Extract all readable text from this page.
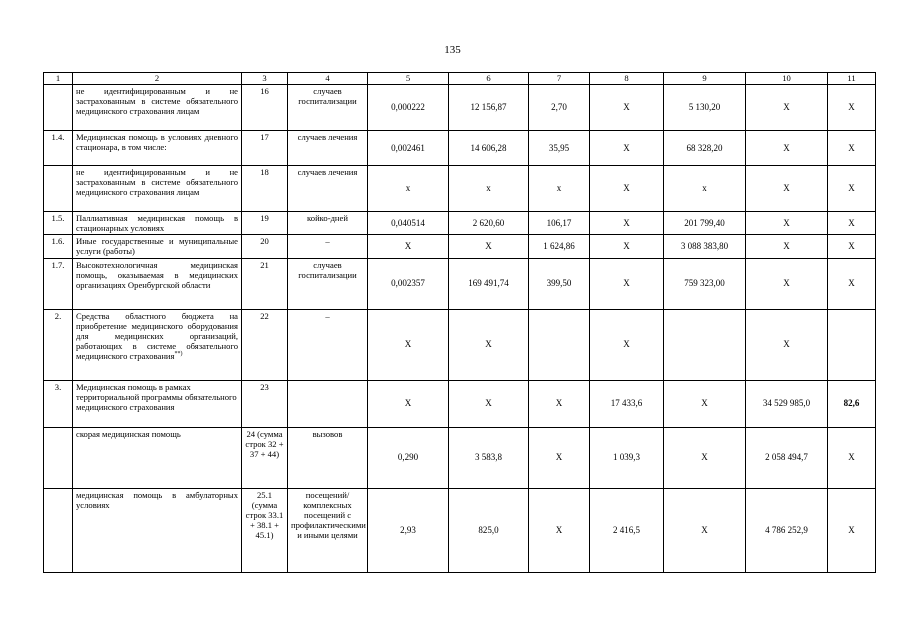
135
1	2	3	4	5	6	7	8	9	10	11
	не идентифицированным и не застрахованным в системе обязательного медицинского страхования лицам	16	случаев госпитализации	0,000222	12 156,87	2,70	X	5 130,20	X	X
1.4.	Медицинская помощь в условиях дневного стационара, в том числе:	17	случаев лечения	0,002461	14 606,28	35,95	X	68 328,20	X	X
	не идентифицированным и не застрахованным в системе обязательного медицинского страхования лицам	18	случаев лечения	x	x	x	X	x	X	X
1.5.	Паллиативная медицинская помощь в стационарных условиях	19	койко-дней	0,040514	2 620,60	106,17	X	201 799,40	X	X
1.6.	Иные государственные и муниципальные услуги (работы)	20	–	X	X	1 624,86	X	3 088 383,80	X	X
1.7.	Высокотехнологичная медицинская помощь, оказываемая в медицинских организациях Оренбургской области	21	случаев госпитализации	0,002357	169 491,74	399,50	X	759 323,00	X	X
2.	Средства областного бюджета на приобретение медицинского оборудования для медицинских организаций, работающих в системе обязательного медицинского страхования**)	22	–	X	X		X		X	
3.	Медицинская помощь в рамках территориальной программы обязательного медицинского страхования	23		X	X	X	17 433,6	X	34 529 985,0	82,6
	скорая медицинская помощь	24 (сумма строк 32 + 37 + 44)	вызовов	0,290	3 583,8	X	1 039,3	X	2 058 494,7	X
	медицинская помощь в амбулаторных условиях	25.1 (сумма строк 33.1 + 38.1 + 45.1)	посещений/комплексных посещений с профилактическими и иными целями	2,93	825,0	X	2 416,5	X	4 786 252,9	X
